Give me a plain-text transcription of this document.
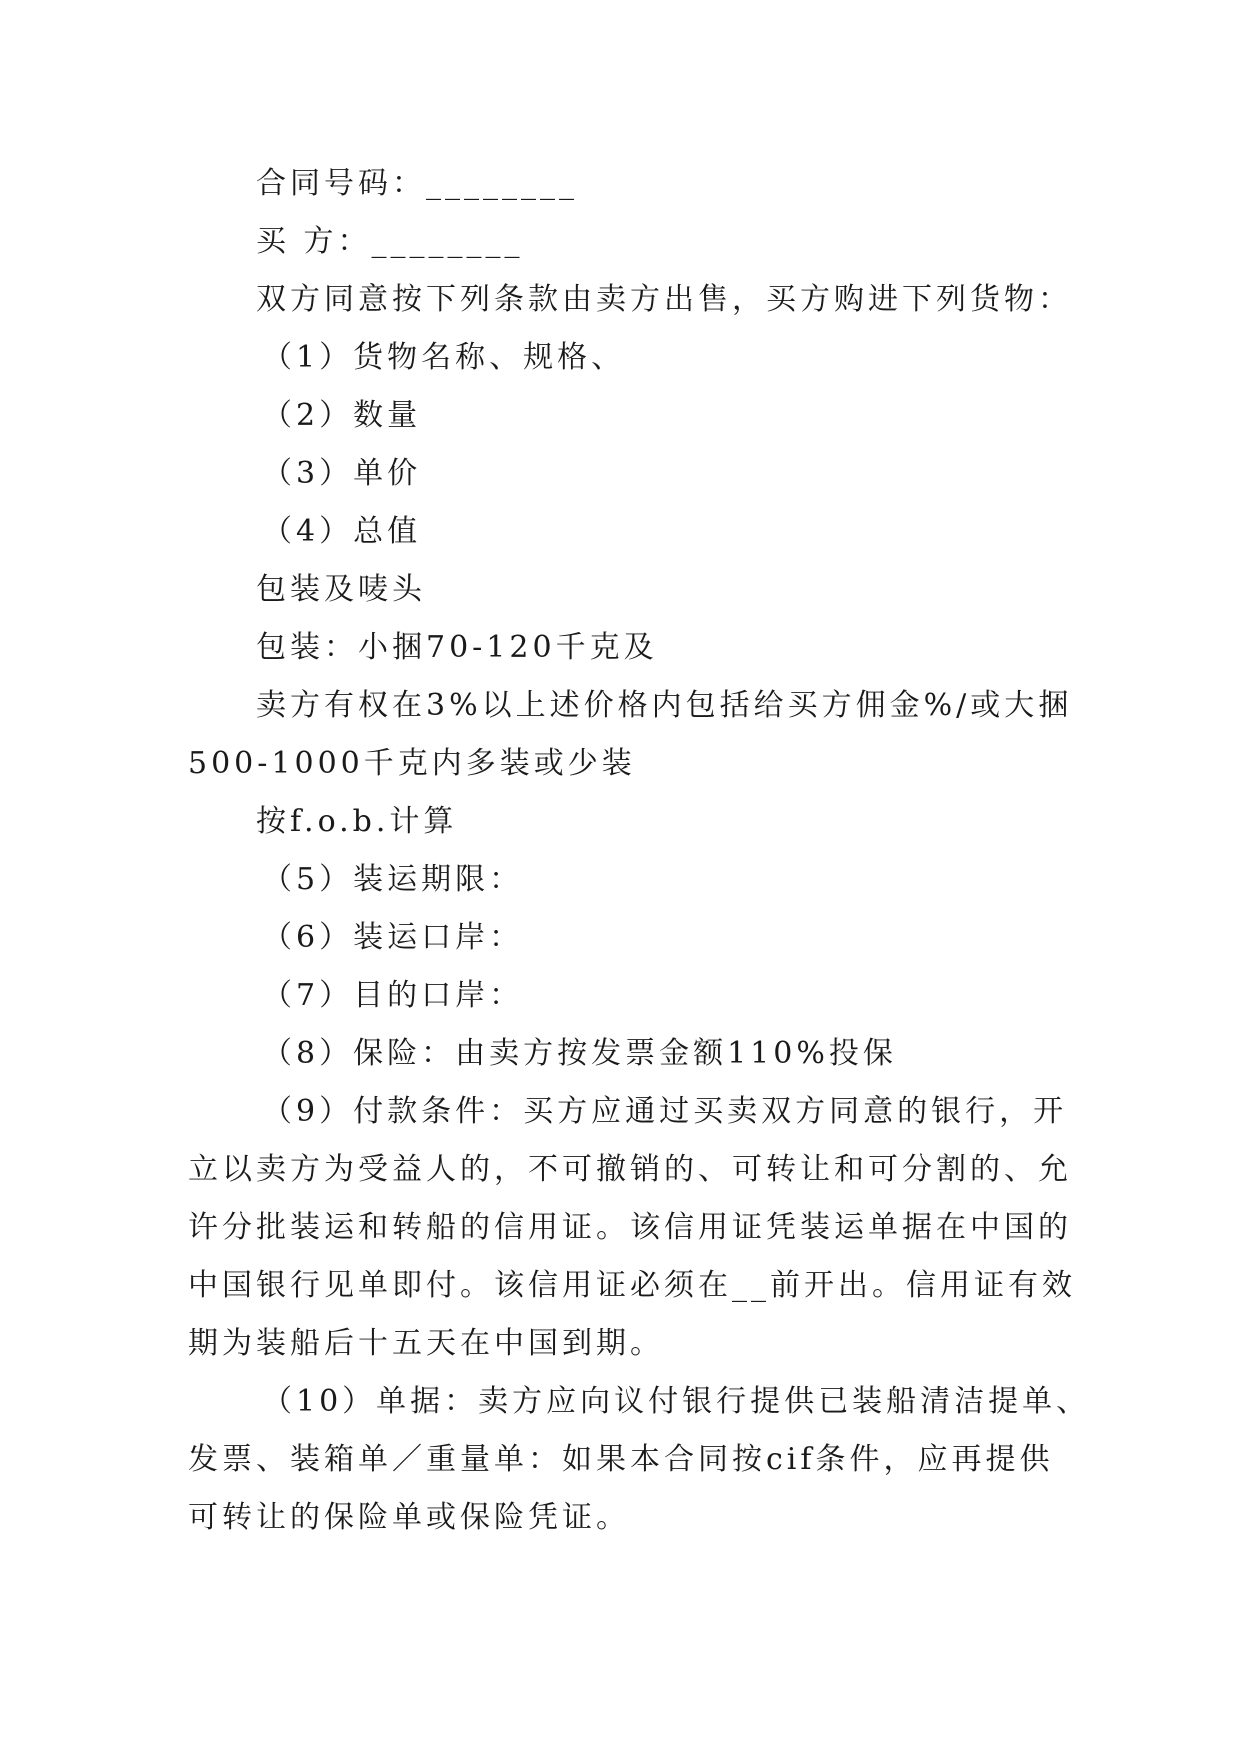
合同号码：________
买 方：________
双方同意按下列条款由卖方出售，买方购进下列货物：
（1）货物名称、规格、
（2）数量
（3）单价
（4）总值
包装及唛头
包装：小捆70-120千克及
卖方有权在3%以上述价格内包括给买方佣金%/或大捆
500-1000千克内多装或少装
按f.o.b.计算
（5）装运期限：
（6）装运口岸：
（7）目的口岸：
（8）保险：由卖方按发票金额110%投保
（9）付款条件：买方应通过买卖双方同意的银行，开
立以卖方为受益人的，不可撤销的、可转让和可分割的、允
许分批装运和转船的信用证。该信用证凭装运单据在中国的
中国银行见单即付。该信用证必须在__前开出。信用证有效
期为装船后十五天在中国到期。
（10）单据：卖方应向议付银行提供已装船清洁提单、
发票、装箱单／重量单：如果本合同按cif条件，应再提供
可转让的保险单或保险凭证。
